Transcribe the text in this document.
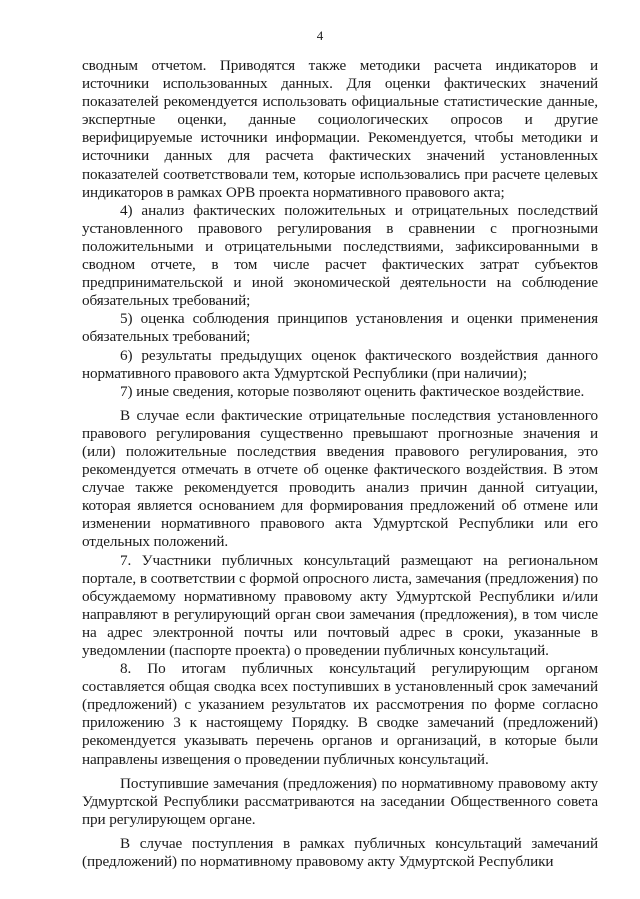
4

сводным отчетом. Приводятся также методики расчета индикаторов и источники использованных данных. Для оценки фактических значений показателей рекомендуется использовать официальные статистические данные, экспертные оценки, данные социологических опросов и другие верифицируемые источники информации. Рекомендуется, чтобы методики и источники данных для расчета фактических значений установленных показателей соответствовали тем, которые использовались при расчете целевых индикаторов в рамках ОРВ проекта нормативного правового акта;

4) анализ фактических положительных и отрицательных последствий установленного правового регулирования в сравнении с прогнозными положительными и отрицательными последствиями, зафиксированными в сводном отчете, в том числе расчет фактических затрат субъектов предпринимательской и иной экономической деятельности на соблюдение обязательных требований;

5) оценка соблюдения принципов установления и оценки применения обязательных требований;

6) результаты предыдущих оценок фактического воздействия данного нормативного правового акта Удмуртской Республики (при наличии);

7) иные сведения, которые позволяют оценить фактическое воздействие.

В случае если фактические отрицательные последствия установленного правового регулирования существенно превышают прогнозные значения и (или) положительные последствия введения правового регулирования, это рекомендуется отмечать в отчете об оценке фактического воздействия. В этом случае также рекомендуется проводить анализ причин данной ситуации, которая является основанием для формирования предложений об отмене или изменении нормативного правового акта Удмуртской Республики или его отдельных положений.

7. Участники публичных консультаций размещают на региональном портале, в соответствии с формой опросного листа, замечания (предложения) по обсуждаемому нормативному правовому акту Удмуртской Республики и/или направляют в регулирующий орган свои замечания (предложения), в том числе на адрес электронной почты или почтовый адрес в сроки, указанные в уведомлении (паспорте проекта) о проведении публичных консультаций.

8. По итогам публичных консультаций регулирующим органом составляется общая сводка всех поступивших в установленный срок замечаний (предложений) с указанием результатов их рассмотрения по форме согласно приложению 3 к настоящему Порядку. В сводке замечаний (предложений) рекомендуется указывать перечень органов и организаций, в которые были направлены извещения о проведении публичных консультаций.

Поступившие замечания (предложения) по нормативному правовому акту Удмуртской Республики рассматриваются на заседании Общественного совета при регулирующем органе.

В случае поступления в рамках публичных консультаций замечаний (предложений) по нормативному правовому акту Удмуртской Республики
